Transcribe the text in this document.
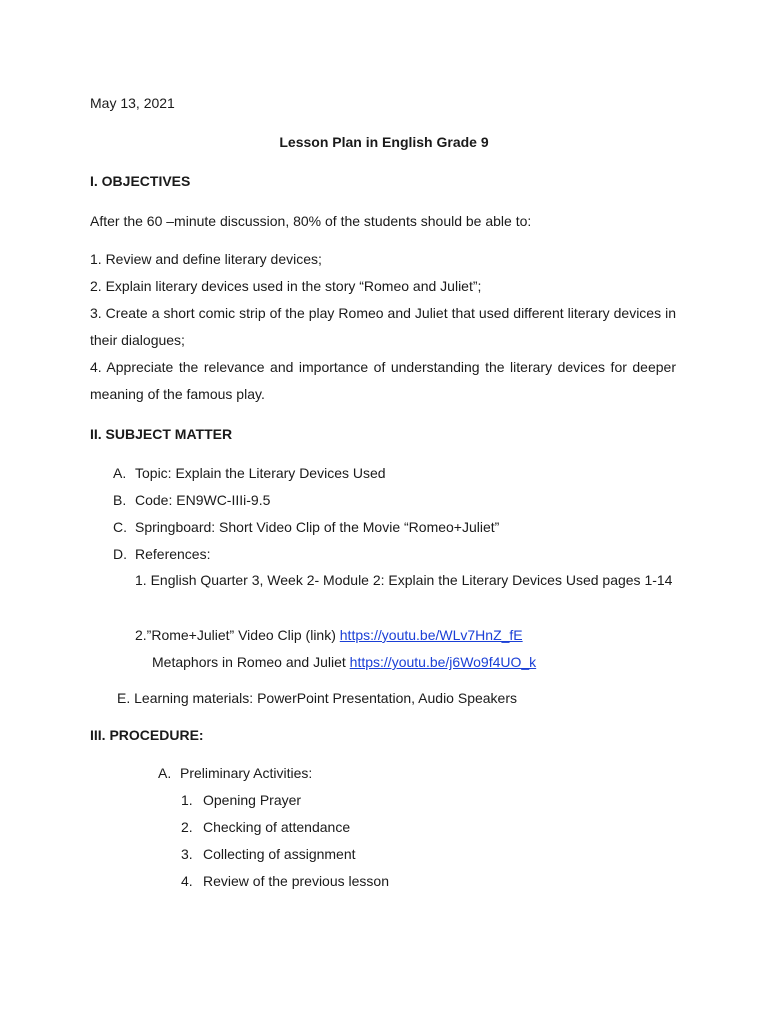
May 13, 2021
Lesson Plan in English Grade 9
I. OBJECTIVES
After the 60 –minute discussion, 80% of the students should be able to:
1. Review and define literary devices;
2. Explain literary devices used in the story “Romeo and Juliet”;
3. Create a short comic strip of the play Romeo and Juliet that used different literary devices in their dialogues;
4. Appreciate the relevance and importance of understanding the literary devices for deeper meaning of the famous play.
II. SUBJECT MATTER
A. Topic: Explain the Literary Devices Used
B. Code: EN9WC-IIIi-9.5
C. Springboard: Short Video Clip of the Movie “Romeo+Juliet”
D. References:
1. English Quarter 3, Week 2- Module 2: Explain the Literary Devices Used pages 1-14
2.”Rome+Juliet” Video Clip (link) https://youtu.be/WLv7HnZ_fE
Metaphors in Romeo and Juliet https://youtu.be/j6Wo9f4UO_k
E. Learning materials: PowerPoint Presentation, Audio Speakers
III. PROCEDURE:
A. Preliminary Activities:
1. Opening Prayer
2. Checking of attendance
3. Collecting of assignment
4. Review of the previous lesson
